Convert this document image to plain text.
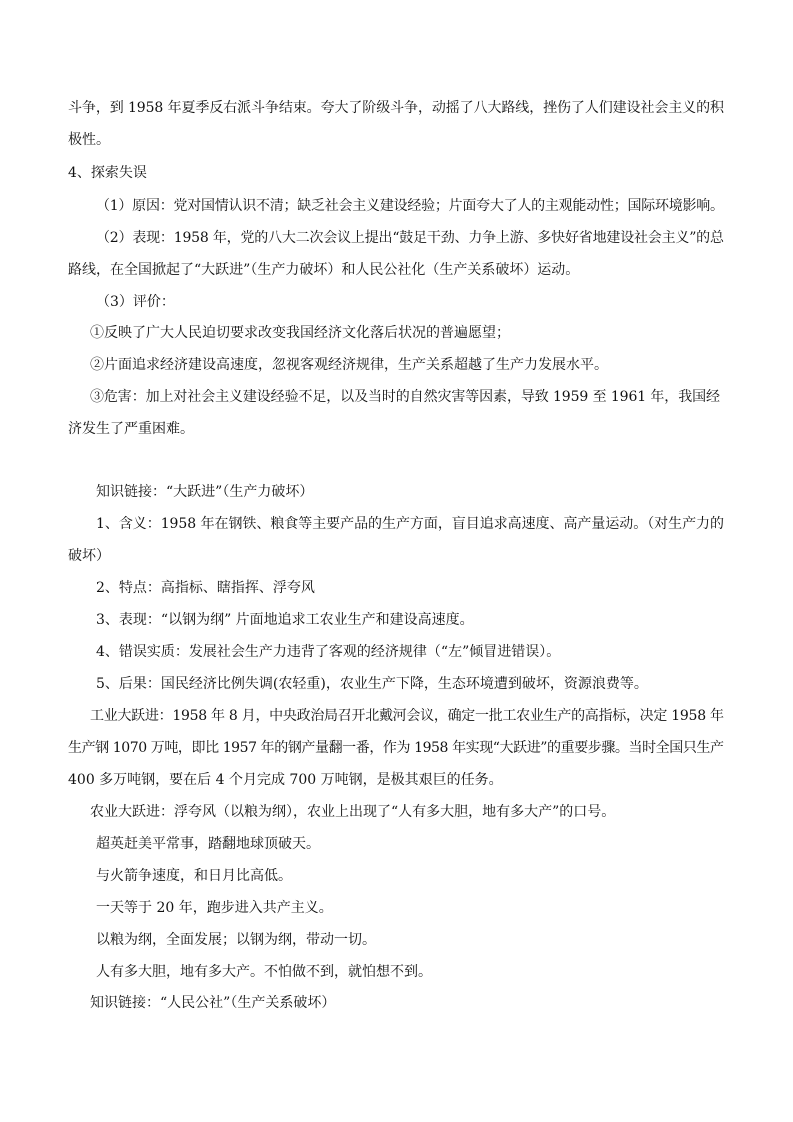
斗争，到 1958 年夏季反右派斗争结束。夸大了阶级斗争，动摇了八大路线，挫伤了人们建设社会主义的积
极性。
4、探索失误
（1）原因：党对国情认识不清；缺乏社会主义建设经验；片面夸大了人的主观能动性；国际环境影响。
（2）表现：1958 年，党的八大二次会议上提出“鼓足干劲、力争上游、多快好省地建设社会主义”的总
路线，在全国掀起了“大跃进”（生产力破坏）和人民公社化（生产关系破坏）运动。
（3）评价：
①反映了广大人民迫切要求改变我国经济文化落后状况的普遍愿望；
②片面追求经济建设高速度，忽视客观经济规律，生产关系超越了生产力发展水平。
③危害：加上对社会主义建设经验不足，以及当时的自然灾害等因素，导致 1959 至 1961 年，我国经
济发生了严重困难。
知识链接：“大跃进”（生产力破坏）
1、含义：1958 年在钢铁、粮食等主要产品的生产方面，盲目追求高速度、高产量运动。（对生产力的
破坏）
2、特点：高指标、瞎指挥、浮夸风
3、表现：“以钢为纲” 片面地追求工农业生产和建设高速度。
4、错误实质：发展社会生产力违背了客观的经济规律（“左”倾冒进错误）。
5、后果：国民经济比例失调(农轻重)，农业生产下降，生态环境遭到破坏，资源浪费等。
工业大跃进：1958 年 8 月，中央政治局召开北戴河会议，确定一批工农业生产的高指标，决定 1958 年
生产钢 1070 万吨，即比 1957 年的钢产量翻一番，作为 1958 年实现“大跃进”的重要步骤。当时全国只生产
400 多万吨钢，要在后 4 个月完成 700 万吨钢，是极其艰巨的任务。
农业大跃进：浮夸风（以粮为纲），农业上出现了“人有多大胆，地有多大产”的口号。
超英赶美平常事，踏翻地球顶破天。
与火箭争速度，和日月比高低。
一天等于 20 年，跑步进入共产主义。
以粮为纲，全面发展；以钢为纲，带动一切。
人有多大胆，地有多大产。不怕做不到，就怕想不到。
知识链接：“人民公社”（生产关系破坏）
